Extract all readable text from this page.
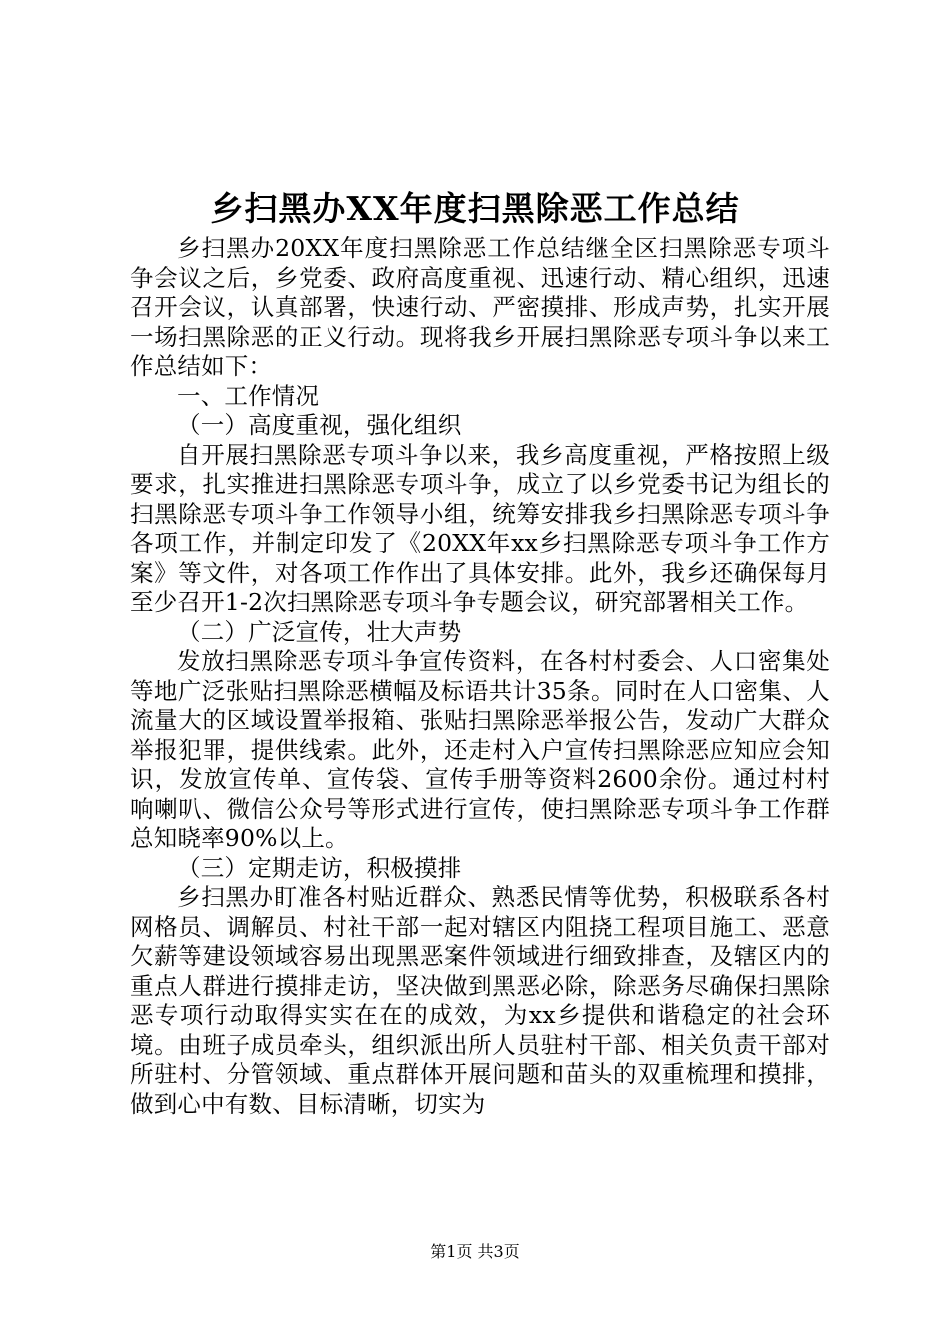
乡扫黑办XX年度扫黑除恶工作总结

乡扫黑办20XX年度扫黑除恶工作总结继全区扫黑除恶专项斗争会议之后，乡党委、政府高度重视、迅速行动、精心组织，迅速召开会议，认真部署，快速行动、严密摸排、形成声势，扎实开展一场扫黑除恶的正义行动。现将我乡开展扫黑除恶专项斗争以来工作总结如下：

一、工作情况

（一）高度重视，强化组织

自开展扫黑除恶专项斗争以来，我乡高度重视，严格按照上级要求，扎实推进扫黑除恶专项斗争，成立了以乡党委书记为组长的扫黑除恶专项斗争工作领导小组，统筹安排我乡扫黑除恶专项斗争各项工作，并制定印发了《20XX年xx乡扫黑除恶专项斗争工作方案》等文件，对各项工作作出了具体安排。此外，我乡还确保每月至少召开1-2次扫黑除恶专项斗争专题会议，研究部署相关工作。

（二）广泛宣传，壮大声势

发放扫黑除恶专项斗争宣传资料，在各村村委会、人口密集处等地广泛张贴扫黑除恶横幅及标语共计35条。同时在人口密集、人流量大的区域设置举报箱、张贴扫黑除恶举报公告，发动广大群众举报犯罪，提供线索。此外，还走村入户宣传扫黑除恶应知应会知识，发放宣传单、宣传袋、宣传手册等资料2600余份。通过村村响喇叭、微信公众号等形式进行宣传，使扫黑除恶专项斗争工作群总知晓率90%以上。

（三）定期走访，积极摸排

乡扫黑办盯准各村贴近群众、熟悉民情等优势，积极联系各村网格员、调解员、村社干部一起对辖区内阻挠工程项目施工、恶意欠薪等建设领域容易出现黑恶案件领域进行细致排查，及辖区内的重点人群进行摸排走访，坚决做到黑恶必除，除恶务尽确保扫黑除恶专项行动取得实实在在的成效，为xx乡提供和谐稳定的社会环境。由班子成员牵头，组织派出所人员驻村干部、相关负责干部对所驻村、分管领域、重点群体开展问题和苗头的双重梳理和摸排，做到心中有数、目标清晰，切实为

第1页 共3页
